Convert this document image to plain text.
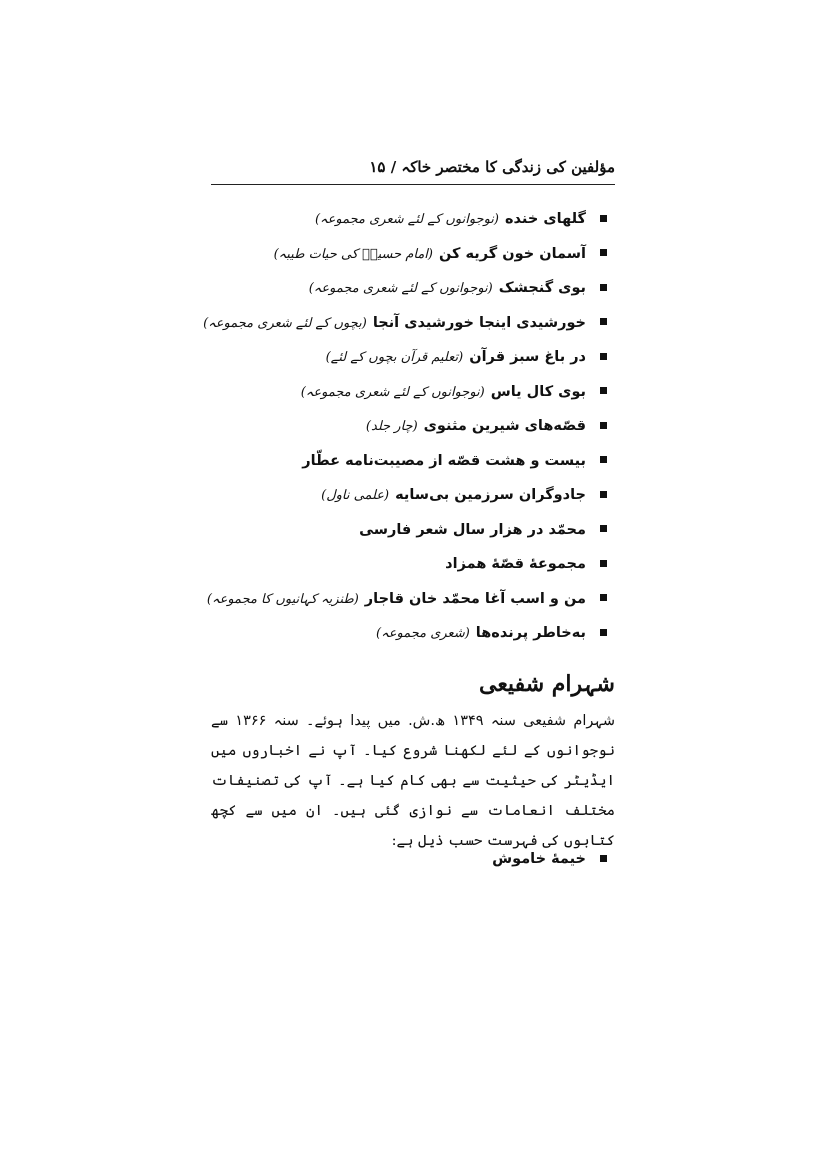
مؤلفین کی زندگی کا مختصر خاکہ / ۱۵
گلهای خنده(نوجوانوں کے لئے شعری مجموعہ)
آسمان خون گریه کن(امام حسینؑ کی حیات طیبہ)
بوی گنجشک(نوجوانوں کے لئے شعری مجموعہ)
خورشیدی اینجا خورشیدی آنجا(بچوں کے لئے شعری مجموعہ)
در باغ سبز قرآن(تعلیم قرآن بچوں کے لئے)
بوی کال یاس(نوجوانوں کے لئے شعری مجموعہ)
قصّه‌های شیرین مثنوی(چار جلد)
بیست و هشت قصّه از مصیبت‌نامه عطّار
جادوگران سرزمین بی‌سایه(علمی ناول)
محمّد در هزار سال شعر فارسی
مجموعهٔ قصّهٔ همزاد
من و اسب آغا محمّد خان قاجار(طنزیہ کہانیوں کا مجموعہ)
به‌خاطر پرنده‌ها(شعری مجموعہ)
شہرام شفیعی

شہرام شفیعی سنہ ۱۳۴۹ ھ.ش. میں پیدا ہوئے۔ سنہ ۱۳۶۶ سے نوجوانوں کے لئے لکھنا شروع کیا۔ آپ نے اخباروں میں ایڈیٹر کی حیثیت سے بھی کام کیا ہے۔ آپ کی تصنیفات مختلف انعامات سے نوازی گئی ہیں۔ ان میں سے کچھ کتابوں کی فہرست حسب ذیل ہے:

خیمهٔ خاموش
